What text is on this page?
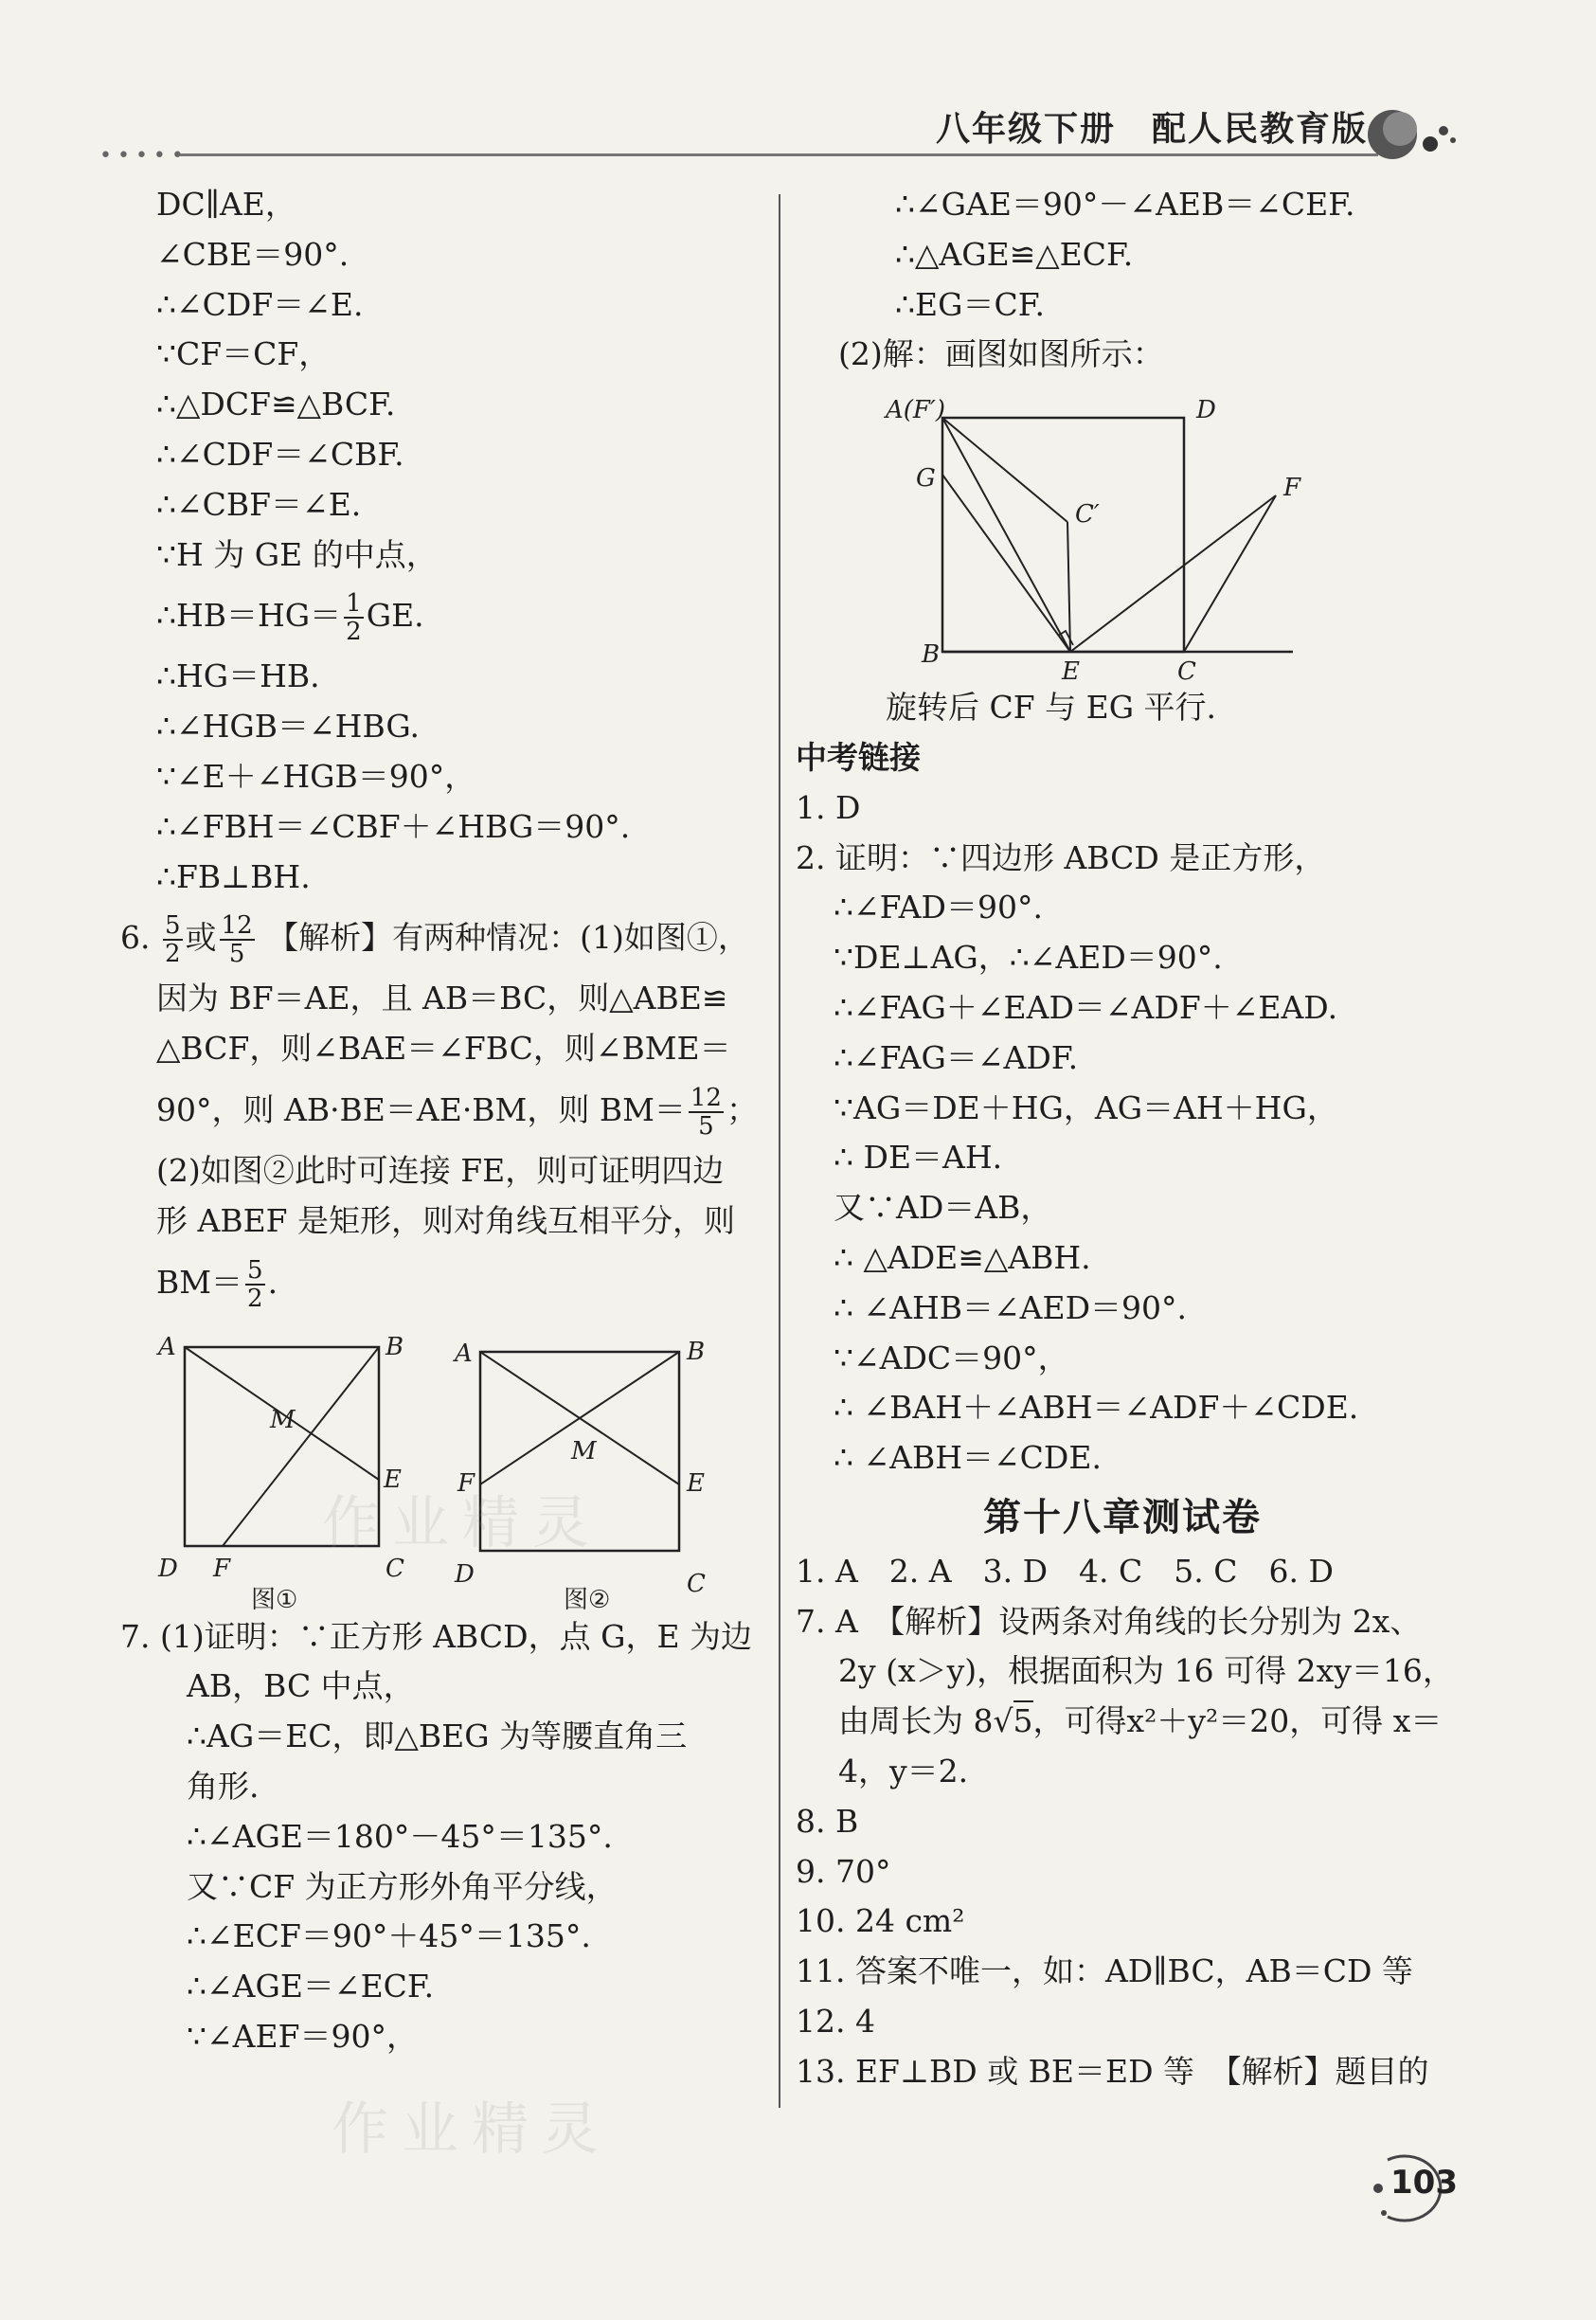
•••••
八年级下册　配人民教育版
DC∥AE，
∠CBE＝90°.
∴∠CDF＝∠E.
∵CF＝CF，
∴△DCF≌△BCF.
∴∠CDF＝∠CBF.
∴∠CBF＝∠E.
∵H 为 GE 的中点，
∴HB＝HG＝ $\frac{1}{2}$ GE.
∴HG＝HB.
∴∠HGB＝∠HBG.
∵∠E＋∠HGB＝90°，
∴∠FBH＝∠CBF＋∠HBG＝90°.
∴FB⊥BH.
6. $\frac{5}{2}$ 或 $\frac{12}{5}$ 【解析】有两种情况：(1)如图①，
因为 BF＝AE，且 AB＝BC，则△ABE≌
△BCF，则∠BAE＝∠FBC，则∠BME＝
90°，则 AB·BE＝AE·BM，则 $BM= \frac{12}{5}$ ；
(2)如图②此时可连接 FE，则可证明四边
形 ABEF 是矩形，则对角线互相平分，则
$BM= \frac{5}{2}$ .
A	B
C
D
E
F
M
图①
A	B
C
D
E
F
M
图②
7. (1)证明：∵正方形 ABCD，点 G，E 为边
AB，BC 中点，
∴AG＝EC，即△BEG 为等腰直角三
角形.
∴∠AGE＝180°－45°＝135°.
又∵CF 为正方形外角平分线，
∴∠ECF＝90°＋45°＝135°.
∴∠AGE＝∠ECF.
∵∠AEF＝90°，
∴∠GAE＝90°－∠AEB＝∠CEF.
∴△AGE≌△ECF.
∴EG＝CF.
(2)解：画图如图所示：
A(F′)	D
G
C′
F
B
E	C
旋转后 CF 与 EG 平行.
中考链接
1. D
2. 证明：∵四边形 ABCD 是正方形，
∴∠FAD＝90°.
∵DE⊥AG，∴∠AED＝90°.
∴∠FAG＋∠EAD＝∠ADF＋∠EAD.
∴∠FAG＝∠ADF.
∵AG＝DE＋HG，AG＝AH＋HG，
∴ DE＝AH.
又∵AD＝AB，
∴ △ADE≌△ABH.
∴ ∠AHB＝∠AED＝90°.
∵∠ADC＝90°，
∴ ∠BAH＋∠ABH＝∠ADF＋∠CDE.
∴ ∠ABH＝∠CDE.
第十八章测试卷
1. A　2. A　3. D　4. C　5. C　6. D
7. A　【解析】设两条对角线的长分别为 2x、
2y (x＞y)，根据面积为 16 可得 2xy＝16，
由周长为 8√5，可得x²＋y²＝20，可得 x＝
4，y＝2.
8. B
9. 70°
10. 24 cm²
11. 答案不唯一，如：AD∥BC，AB＝CD 等
12. 4
13. EF⊥BD 或 BE＝ED 等　【解析】题目的
作业精灵
作业精灵
103
